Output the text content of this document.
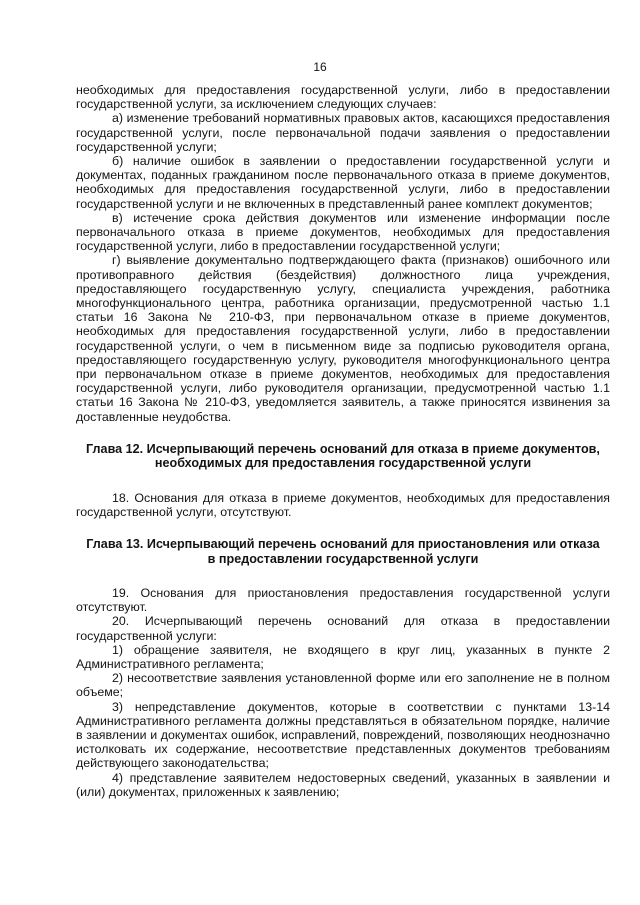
16

необходимых для предоставления государственной услуги, либо в предоставлении государственной услуги, за исключением следующих случаев:

а) изменение требований нормативных правовых актов, касающихся предоставления государственной услуги, после первоначальной подачи заявления о предоставлении государственной услуги;

б) наличие ошибок в заявлении о предоставлении государственной услуги и документах, поданных гражданином после первоначального отказа в приеме документов, необходимых для предоставления государственной услуги, либо в предоставлении государственной услуги и не включенных в представленный ранее комплект документов;

в) истечение срока действия документов или изменение информации после первоначального отказа в приеме документов, необходимых для предоставления государственной услуги, либо в предоставлении государственной услуги;

г) выявление документально подтверждающего факта (признаков) ошибочного или противоправного действия (бездействия) должностного лица учреждения, предоставляющего государственную услугу, специалиста учреждения, работника многофункционального центра, работника организации, предусмотренной частью 1.1 статьи 16 Закона № 210-ФЗ, при первоначальном отказе в приеме документов, необходимых для предоставления государственной услуги, либо в предоставлении государственной услуги, о чем в письменном виде за подписью руководителя органа, предоставляющего государственную услугу, руководителя многофункционального центра при первоначальном отказе в приеме документов, необходимых для предоставления государственной услуги, либо руководителя организации, предусмотренной частью 1.1 статьи 16 Закона № 210-ФЗ, уведомляется заявитель, а также приносятся извинения за доставленные неудобства.

Глава 12. Исчерпывающий перечень оснований для отказа в приеме документов,
необходимых для предоставления государственной услуги

18. Основания для отказа в приеме документов, необходимых для предоставления государственной услуги, отсутствуют.

Глава 13. Исчерпывающий перечень оснований для приостановления или отказа
в предоставлении государственной услуги

19. Основания для приостановления предоставления государственной услуги отсутствуют.

20. Исчерпывающий перечень оснований для отказа в предоставлении государственной услуги:

1) обращение заявителя, не входящего в круг лиц, указанных в пункте 2 Административного регламента;

2) несоответствие заявления установленной форме или его заполнение не в полном объеме;

3) непредставление документов, которые в соответствии с пунктами 13-14 Административного регламента должны представляться в обязательном порядке, наличие в заявлении и документах ошибок, исправлений, повреждений, позволяющих неоднозначно истолковать их содержание, несоответствие представленных документов требованиям действующего законодательства;

4) представление заявителем недостоверных сведений, указанных в заявлении и (или) документах, приложенных к заявлению;
